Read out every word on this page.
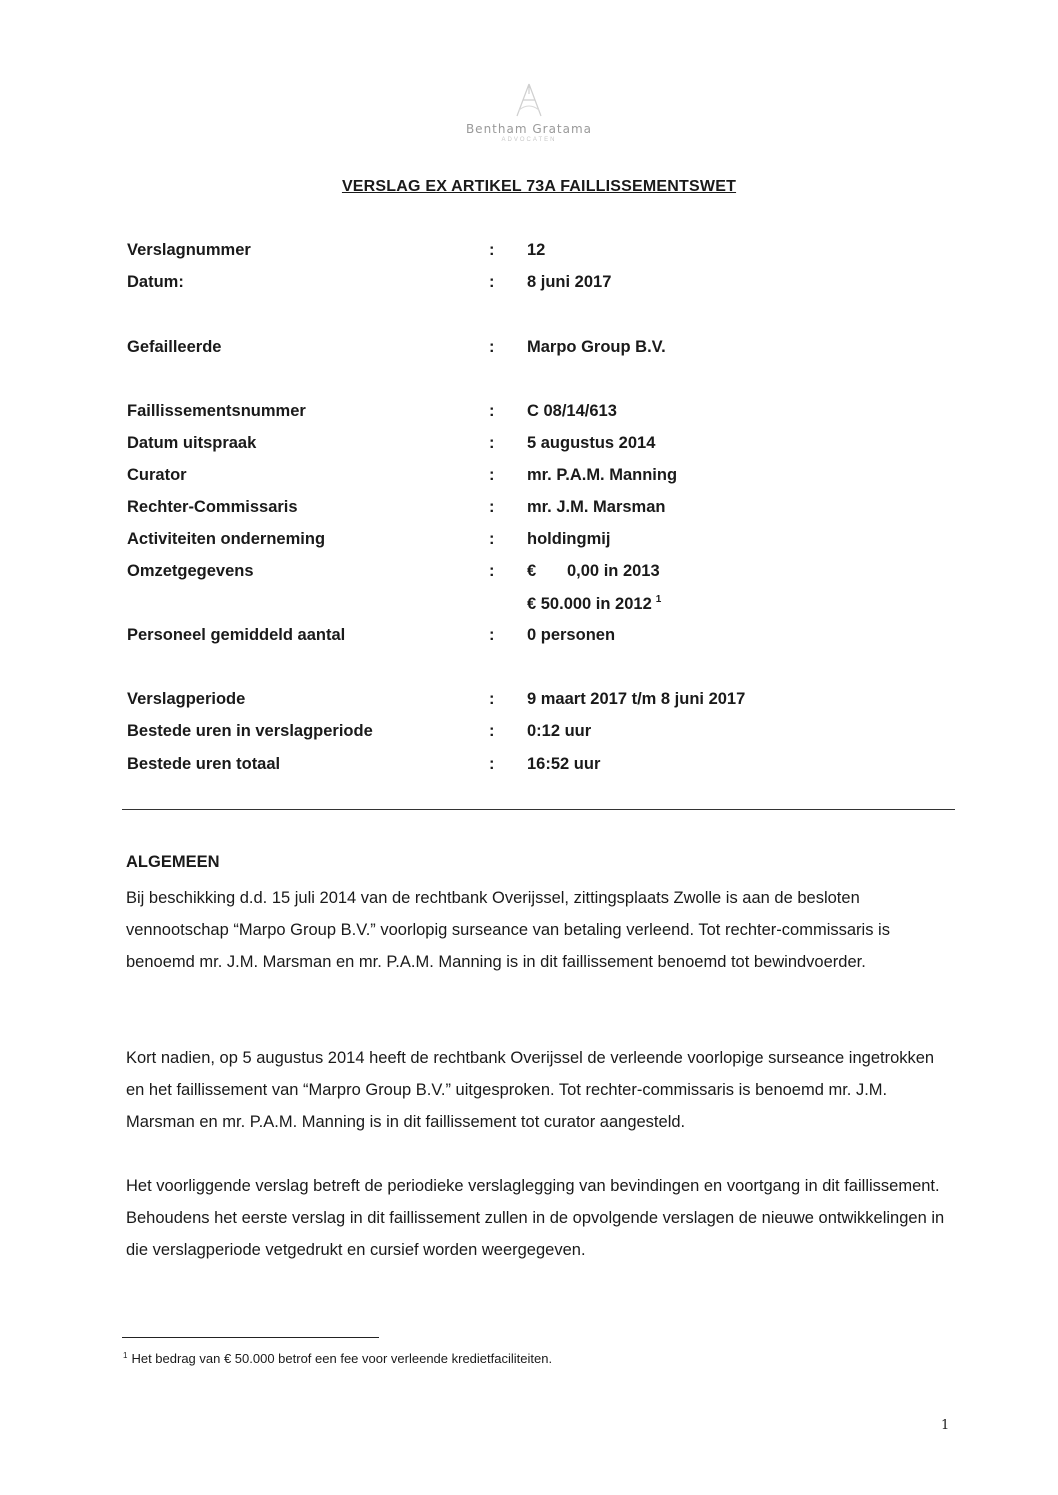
Bentham Gratama
ADVOCATEN
VERSLAG EX ARTIKEL 73A FAILLISSEMENTSWET
Verslagnummer	: 12
Datum:	: 8 juni 2017
Gefailleerde	: Marpo Group B.V.
Faillissementsnummer	: C 08/14/613
Datum uitspraak	: 5 augustus 2014
Curator	: mr. P.A.M. Manning
Rechter-Commissaris	: mr. J.M. Marsman
Activiteiten onderneming	: holdingmij
Omzetgegevens	: € 0,00 in 2013
€ 50.000 in 2012 $^1$
Personeel gemiddeld aantal	: 0 personen
Verslagperiode	: 9 maart 2017 t/m 8 juni 2017
Bestede uren in verslagperiode	: 0:12 uur
Bestede uren totaal	: 16:52 uur
ALGEMEEN

Bij beschikking d.d. 15 juli 2014 van de rechtbank Overijssel, zittingsplaats Zwolle is aan de besloten vennootschap “Marpo Group B.V.” voorlopig surseance van betaling verleend. Tot rechter-commissaris is benoemd mr. J.M. Marsman en mr. P.A.M. Manning is in dit faillissement benoemd tot bewindvoerder.

Kort nadien, op 5 augustus 2014 heeft de rechtbank Overijssel de verleende voorlopige surseance ingetrokken en het faillissement van “Marpro Group B.V.” uitgesproken. Tot rechter-commissaris is benoemd mr. J.M. Marsman en mr. P.A.M. Manning is in dit faillissement tot curator aangesteld.

Het voorliggende verslag betreft de periodieke verslaglegging van bevindingen en voortgang in dit faillissement. Behoudens het eerste verslag in dit faillissement zullen in de opvolgende verslagen de nieuwe ontwikkelingen in die verslagperiode vetgedrukt en cursief worden weergegeven.

$^1$ Het bedrag van € 50.000 betrof een fee voor verleende kredietfaciliteiten.
1
